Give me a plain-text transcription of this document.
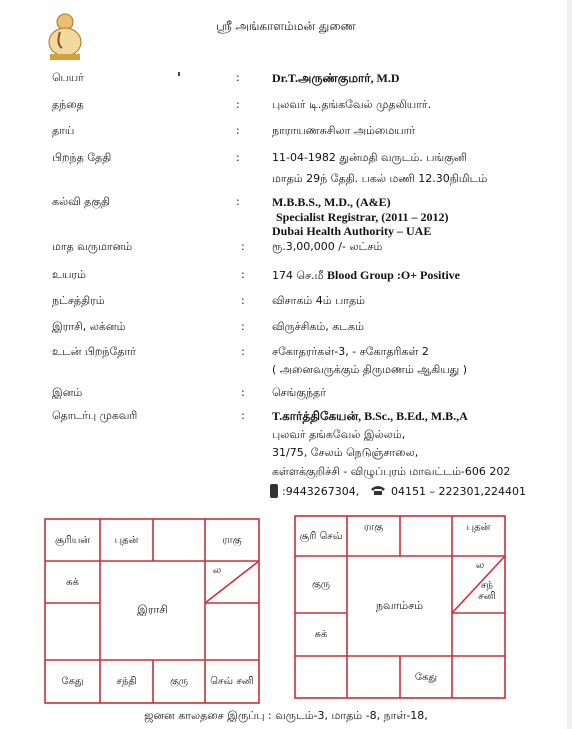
ஸ்ரீ அங்காளம்மன் துணை
பெயர்	:	Dr.T.அருண்குமார், M.D
தந்தை	:	புலவர் டி.தங்கவேல் முதலியார்.
தாய்	:	நாராயணசுசிலா அம்மையார்
பிறந்த தேதி	:	11-04-1982 துன்மதி வருடம். பங்குனி
மாதம் 29ந் தேதி. பகல் மணி 12.30நிமிடம்
கல்வி தகுதி	:	M.B.B.S., M.D., (A&E)
Specialist Registrar, (2011 – 2012)
Dubai Health Authority – UAE
மாத வருமானம்	: ரூ.3,00,000 /- லட்சம்
உயரம்	: 174 செ.மீ Blood Group :O+ Positive
நட்சத்திரம்	: விசாகம் 4ம் பாதம்
இராசி, லக்னம்	: விருச்சிகம், கடகம்
உடன் பிறந்தோர்	: சகோதரர்கள்-3, - சகோதரிகள் 2
( அனைவருக்கும் திருமணம் ஆகியது )
இனம்	: செங்குந்தர்
தொடர்பு முகவரி	: T.கார்த்திகேயன், B.Sc., B.Ed., M.B.,A
புலவர் தங்கவேல் இல்லம்,
31/75, சேலம் நெடுஞ்சாலை,
கள்ளக்குறிச்சி - விழுப்புரம் மாவட்டம்-606 202
:9443267304,	04151 – 222301,224401
சூரியன்	புதன்	ராகு
ல
சுக்
இராசி
கேது	சந்தி	குரு	செவ் சனி
சூரி செவ்
ராகு	புதன்
ல
சந் சனி
குரு
நவாம்சம்
சுக்
கேது
ஜனன காலதசை இருப்பு : வருடம்-3, மாதம் -8, நாள்-18,
